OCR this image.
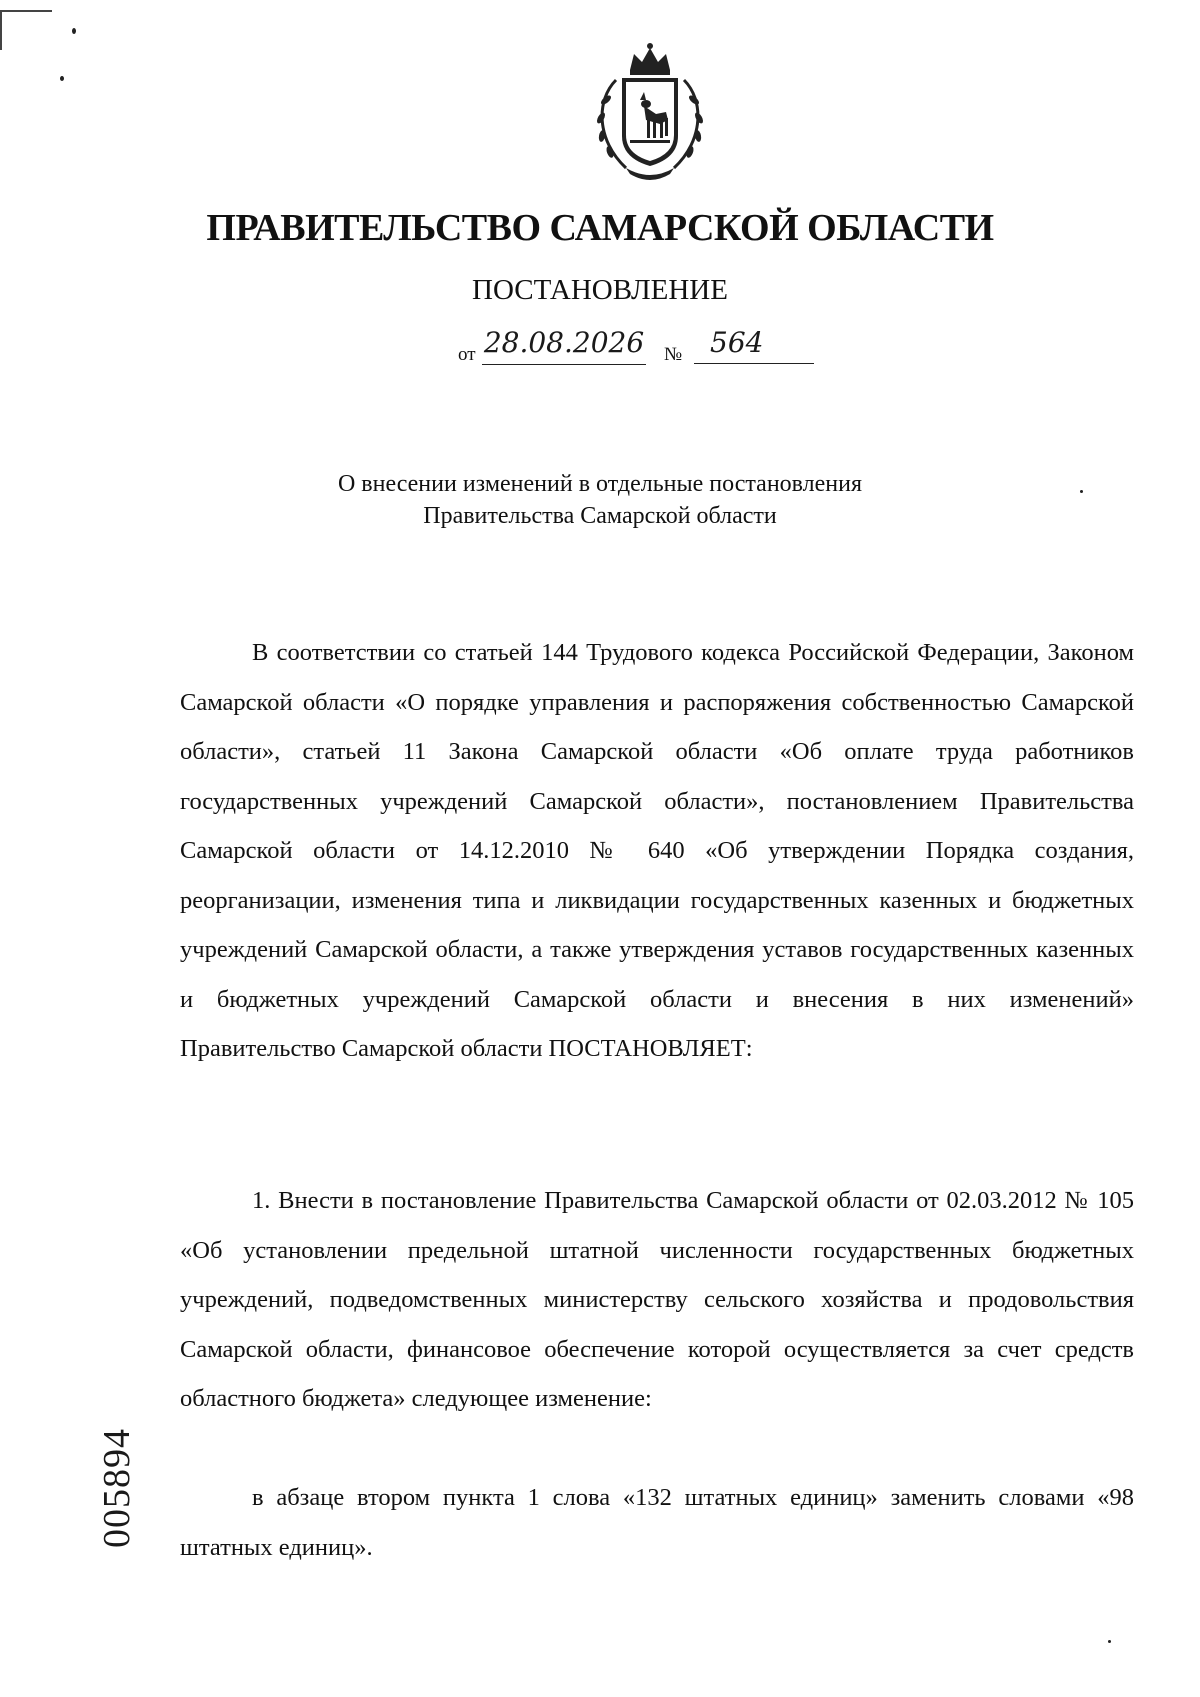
ПРАВИТЕЛЬСТВО САМАРСКОЙ ОБЛАСТИ
ПОСТАНОВЛЕНИЕ
от 28.08.2026 № 564
О внесении изменений в отдельные постановления
Правительства Самарской области

В соответствии со статьей 144 Трудового кодекса Российской Федерации, Законом Самарской области «О порядке управления и распоряжения собственностью Самарской области», статьей 11 Закона Самарской области «Об оплате труда работников государственных учреждений Самарской области», постановлением Правительства Самарской области от 14.12.2010 № 640 «Об утверждении Порядка создания, реорганизации, изменения типа и ликвидации государственных казенных и бюджетных учреждений Самарской области, а также утверждения уставов государственных казенных и бюджетных учреждений Самарской области и внесения в них изменений» Правительство Самарской области ПОСТАНОВЛЯЕТ:

1. Внести в постановление Правительства Самарской области от 02.03.2012 № 105 «Об установлении предельной штатной численности государственных бюджетных учреждений, подведомственных министерству сельского хозяйства и продовольствия Самарской области, финансовое обеспечение которой осуществляется за счет средств областного бюджета» следующее изменение:

в абзаце втором пункта 1 слова «132 штатных единиц» заменить словами «98 штатных единиц».

005894
